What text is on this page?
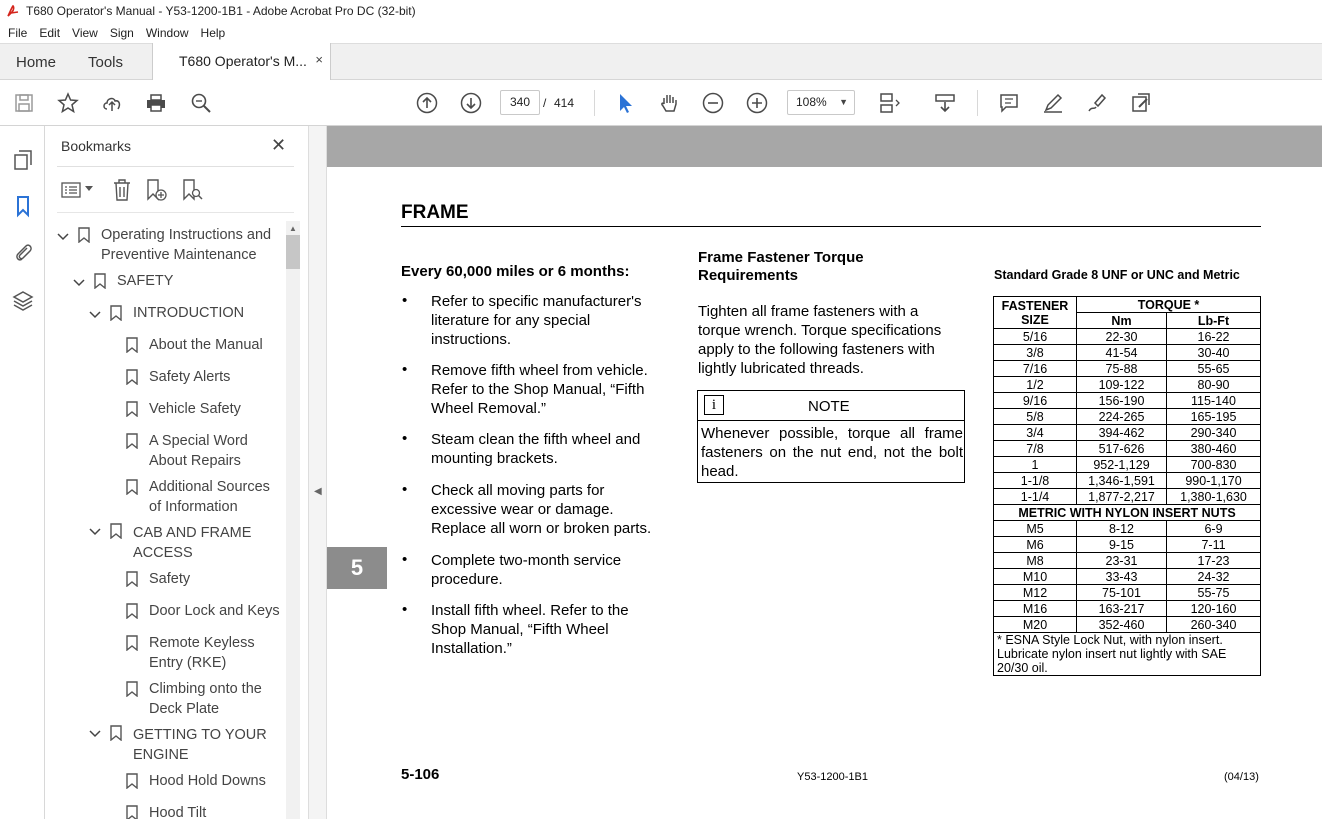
T680 Operator's Manual - Y53-1200-1B1 - Adobe Acrobat Pro DC (32-bit)
File	Edit	View	Sign	Window	Help
Home Tools	T680 Operator's M... ×
340	/ 414	108% ▼
Bookmarks	✕
Operating Instructions and Preventive Maintenance
SAFETY
INTRODUCTION
About the Manual
Safety Alerts
Vehicle Safety
A Special Word About Repairs
Additional Sources of Information
CAB AND FRAME ACCESS
Safety
Door Lock and Keys
Remote Keyless Entry (RKE)
Climbing onto the Deck Plate
GETTING TO YOUR ENGINE
Hood Hold Downs
Hood Tilt
▲
◀
5
FRAME
Every 60,000 miles or 6 months:
• Refer to specific manufacturer's literature for any special instructions.
• Remove fifth wheel from vehicle. Refer to the Shop Manual, “Fifth Wheel Removal.”
• Steam clean the fifth wheel and mounting brackets.
• Check all moving parts for excessive wear or damage. Replace all worn or broken parts.
• Complete two-month service procedure.
• Install fifth wheel. Refer to the Shop Manual, “Fifth Wheel Installation.”
Frame Fastener Torque Requirements
Tighten all frame fasteners with a torque wrench. Torque specifications apply to the following fasteners with lightly lubricated threads.
i	NOTE
Whenever possible, torque all frame fasteners on the nut end, not the bolt head.
Standard Grade 8 UNF or UNC and Metric
FASTENER SIZE	TORQUE *	
	Nm	Lb-Ft
5/16	22-30	16-22
3/8	41-54	30-40
7/16	75-88	55-65
1/2	109-122	80-90
9/16	156-190	115-140
5/8	224-265	165-195
3/4	394-462	290-340
7/8	517-626	380-460
1	952-1,129	700-830
1-1/8	1,346-1,591	990-1,170
1-1/4	1,877-2,217	1,380-1,630
METRIC WITH NYLON INSERT NUTS		
M5	8-12	6-9
M6	9-15	7-11
M8	23-31	17-23
M10	33-43	24-32
M12	75-101	55-75
M16	163-217	120-160
M20	352-460	260-340
* ESNA Style Lock Nut, with nylon insert. Lubricate nylon insert nut lightly with SAE 20/30 oil.		
5-106	Y53-1200-1B1	(04/13)
